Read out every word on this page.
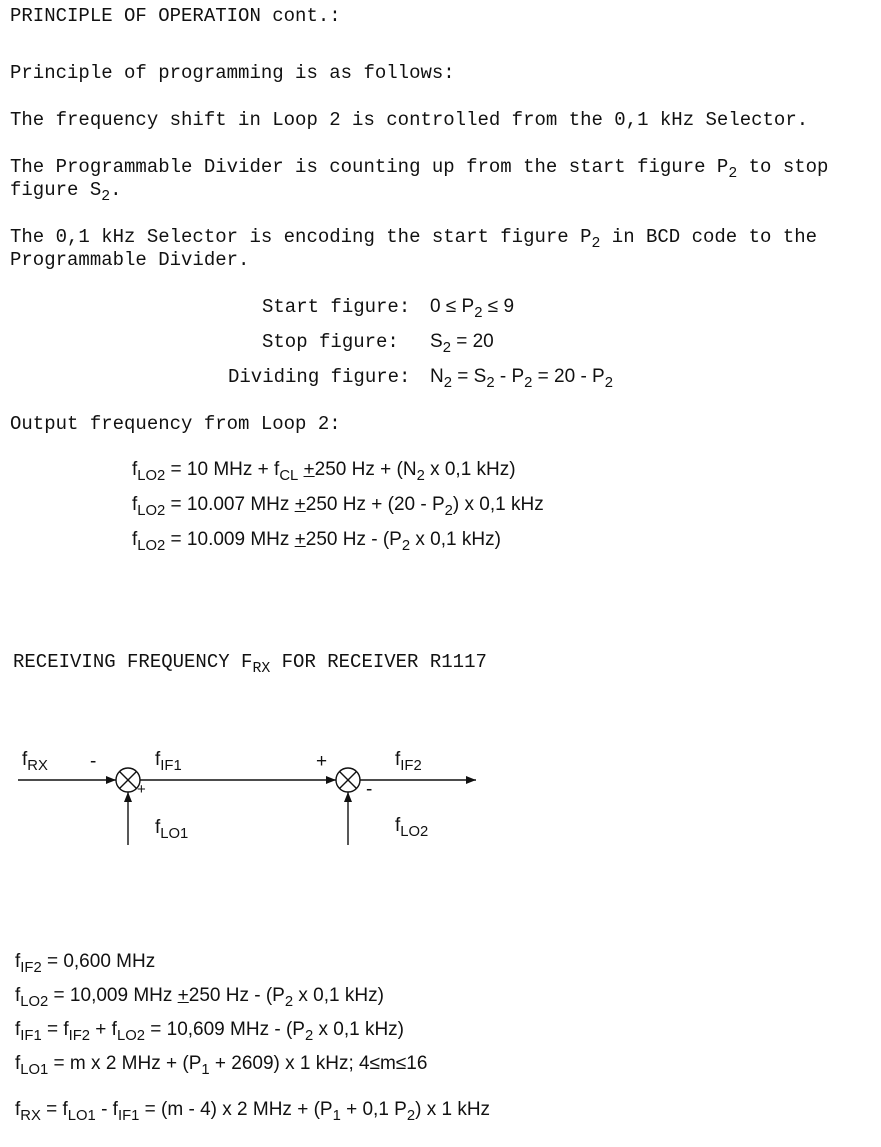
PRINCIPLE OF OPERATION cont.:
Principle of programming is as follows:
The frequency shift in Loop 2 is controlled from the 0,1 kHz Selector.
The Programmable Divider is counting up from the start figure $P_2$ to stop
figure $S_2$.
The 0,1 kHz Selector is encoding the start figure $P_2$ in BCD code to the
Programmable Divider.
Start figure: $0 \le P_2 \le 9$
Stop figure: $S_2 = 20$
Dividing figure: $N_2 = S_2 - P_2 = 20 - P_2$
Output frequency from Loop 2:
$f_{LO2} = 10$ MHz + $f_{CL} +250$ $Hz + (N_2$ x 0,1 kHz)
$f_{LO2} = 10.007$ MHz +250 $Hz + (20 - P_2)$ x 0,1 kHz
$f_{LO2} = 10.009$ MHz +250 Hz - ($P_2$ x 0,1 kHz)
RECEIVING FREQUENCY $F_{RX}$ FOR RECEIVER R1117
$f_{RX}$ -
+
$f_{IF1}$	+
-
$f_{IF2}$
$f_{LO1}$	$f_{LO2}$
$f_{IF2} = 0,600$ MHz
$f_{LO2} = 10,009$ MHz +250 Hz - ($P_2$ x 0,1 kHz)
$f_{IF1} = f_{IF2} + f_{LO2} = 10,609$ MHz - ($P_2$ x 0,1 kHz)
$f_{LO1} = m$ x 2 MHz + $(P_1 + 2609)$ x 1 kHz; 4≤m≤16
$f_{RX} = f_{LO1} - f_{IF1} = (m - 4)$ x 2 MHz + ($P_1 + 0,1$ $P_2$) x 1 kHz
